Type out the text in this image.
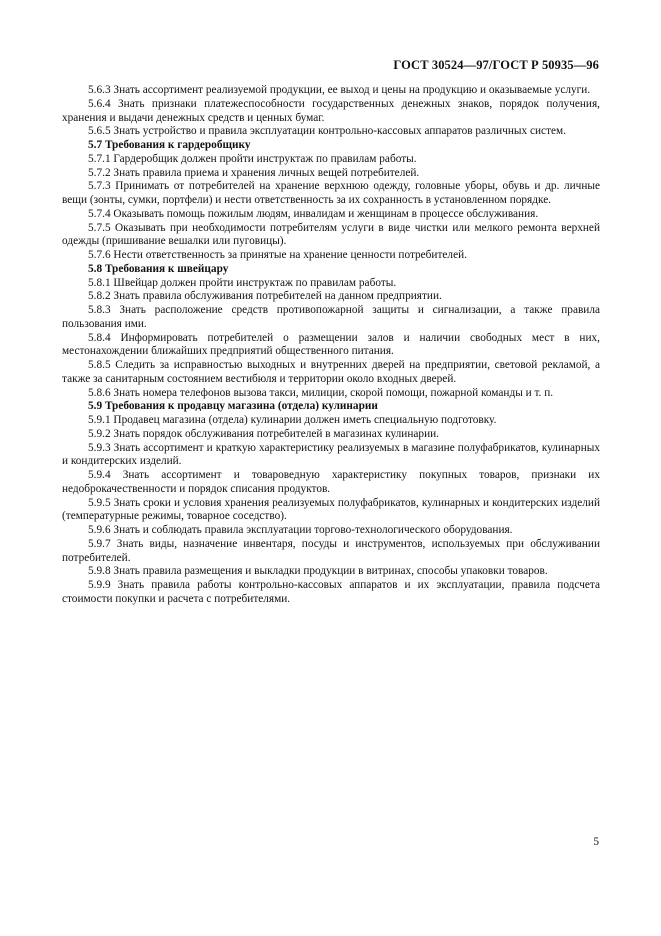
ГОСТ 30524—97/ГОСТ Р 50935—96

5.6.3 Знать ассортимент реализуемой продукции, ее выход и цены на продукцию и оказываемые услуги.

5.6.4 Знать признаки платежеспособности государственных денежных знаков, порядок получения, хранения и выдачи денежных средств и ценных бумаг.

5.6.5 Знать устройство и правила эксплуатации контрольно-кассовых аппаратов различных систем.

5.7 Требования к гардеробщику

5.7.1 Гардеробщик должен пройти инструктаж по правилам работы.

5.7.2 Знать правила приема и хранения личных вещей потребителей.

5.7.3 Принимать от потребителей на хранение верхнюю одежду, головные уборы, обувь и др. личные вещи (зонты, сумки, портфели) и нести ответственность за их сохранность в установленном порядке.

5.7.4 Оказывать помощь пожилым людям, инвалидам и женщинам в процессе обслуживания.

5.7.5 Оказывать при необходимости потребителям услуги в виде чистки или мелкого ремонта верхней одежды (пришивание вешалки или пуговицы).

5.7.6 Нести ответственность за принятые на хранение ценности потребителей.

5.8 Требования к швейцару

5.8.1 Швейцар должен пройти инструктаж по правилам работы.

5.8.2 Знать правила обслуживания потребителей на данном предприятии.

5.8.3 Знать расположение средств противопожарной защиты и сигнализации, а также правила пользования ими.

5.8.4 Информировать потребителей о размещении залов и наличии свободных мест в них, местонахождении ближайших предприятий общественного питания.

5.8.5 Следить за исправностью выходных и внутренних дверей на предприятии, световой рекламой, а также за санитарным состоянием вестибюля и территории около входных дверей.

5.8.6 Знать номера телефонов вызова такси, милиции, скорой помощи, пожарной команды и т. п.

5.9 Требования к продавцу магазина (отдела) кулинарии

5.9.1 Продавец магазина (отдела) кулинарии должен иметь специальную подготовку.

5.9.2 Знать порядок обслуживания потребителей в магазинах кулинарии.

5.9.3 Знать ассортимент и краткую характеристику реализуемых в магазине полуфабрикатов, кулинарных и кондитерских изделий.

5.9.4 Знать ассортимент и товароведную характеристику покупных товаров, признаки их недоброкачественности и порядок списания продуктов.

5.9.5 Знать сроки и условия хранения реализуемых полуфабрикатов, кулинарных и кондитерских изделий (температурные режимы, товарное соседство).

5.9.6 Знать и соблюдать правила эксплуатации торгово-технологического оборудования.

5.9.7 Знать виды, назначение инвентаря, посуды и инструментов, используемых при обслуживании потребителей.

5.9.8 Знать правила размещения и выкладки продукции в витринах, способы упаковки товаров.

5.9.9 Знать правила работы контрольно-кассовых аппаратов и их эксплуатации, правила подсчета стоимости покупки и расчета с потребителями.

5
